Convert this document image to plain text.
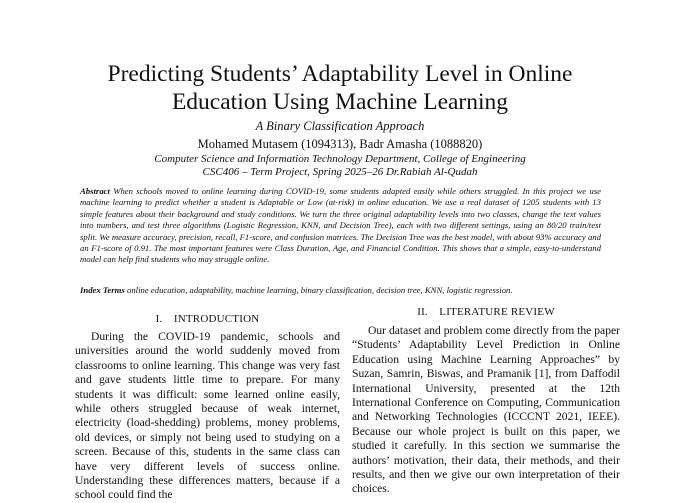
Predicting Students’ Adaptability Level in Online
Education Using Machine Learning
A Binary Classification Approach
Mohamed Mutasem (1094313), Badr Amasha (1088820)
Computer Science and Information Technology Department, College of Engineering
CSC406 – Term Project, Spring 2025–26 Dr.Rabiah Al-Qudah
Abstract When schools moved to online learning during COVID-19, some students adapted easily while others struggled. In this project we use machine learning to predict whether a student is Adaptable or Low (at-risk) in online education. We use a real dataset of 1205 students with 13 simple features about their background and study conditions. We turn the three original adaptability levels into two classes, change the text values into numbers, and test three algorithms (Logistic Regression, KNN, and Decision Tree), each with two different settings, using an 80/20 train/test split. We measure accuracy, precision, recall, F1-score, and confusion matrices. The Decision Tree was the best model, with about 93% accuracy and an F1-score of 0.91. The most important features were Class Duration, Age, and Financial Condition. This shows that a simple, easy-to-understand model can help find students who may struggle online.
Index Terms online education, adaptability, machine learning, binary classification, decision tree, KNN, logistic regression.
I.  INTRODUCTION

During the COVID-19 pandemic, schools and universities around the world suddenly moved from classrooms to online learning. This change was very fast and gave students little time to prepare. For many students it was difficult: some learned online easily, while others struggled because of weak internet, electricity (load-shedding) problems, money problems, old devices, or simply not being used to studying on a screen. Because of this, students in the same class can have very different levels of success online. Understanding these differences matters, because if a school could find the

II.  LITERATURE REVIEW

Our dataset and problem come directly from the paper “Students’ Adaptability Level Prediction in Online Education using Machine Learning Approaches” by Suzan, Samrin, Biswas, and Pramanik [1], from Daffodil International University, presented at the 12th International Conference on Computing, Communication and Networking Technologies (ICCCNT 2021, IEEE). Because our whole project is built on this paper, we studied it carefully. In this section we summarise the authors’ motivation, their data, their methods, and their results, and then we give our own interpretation of their choices.
